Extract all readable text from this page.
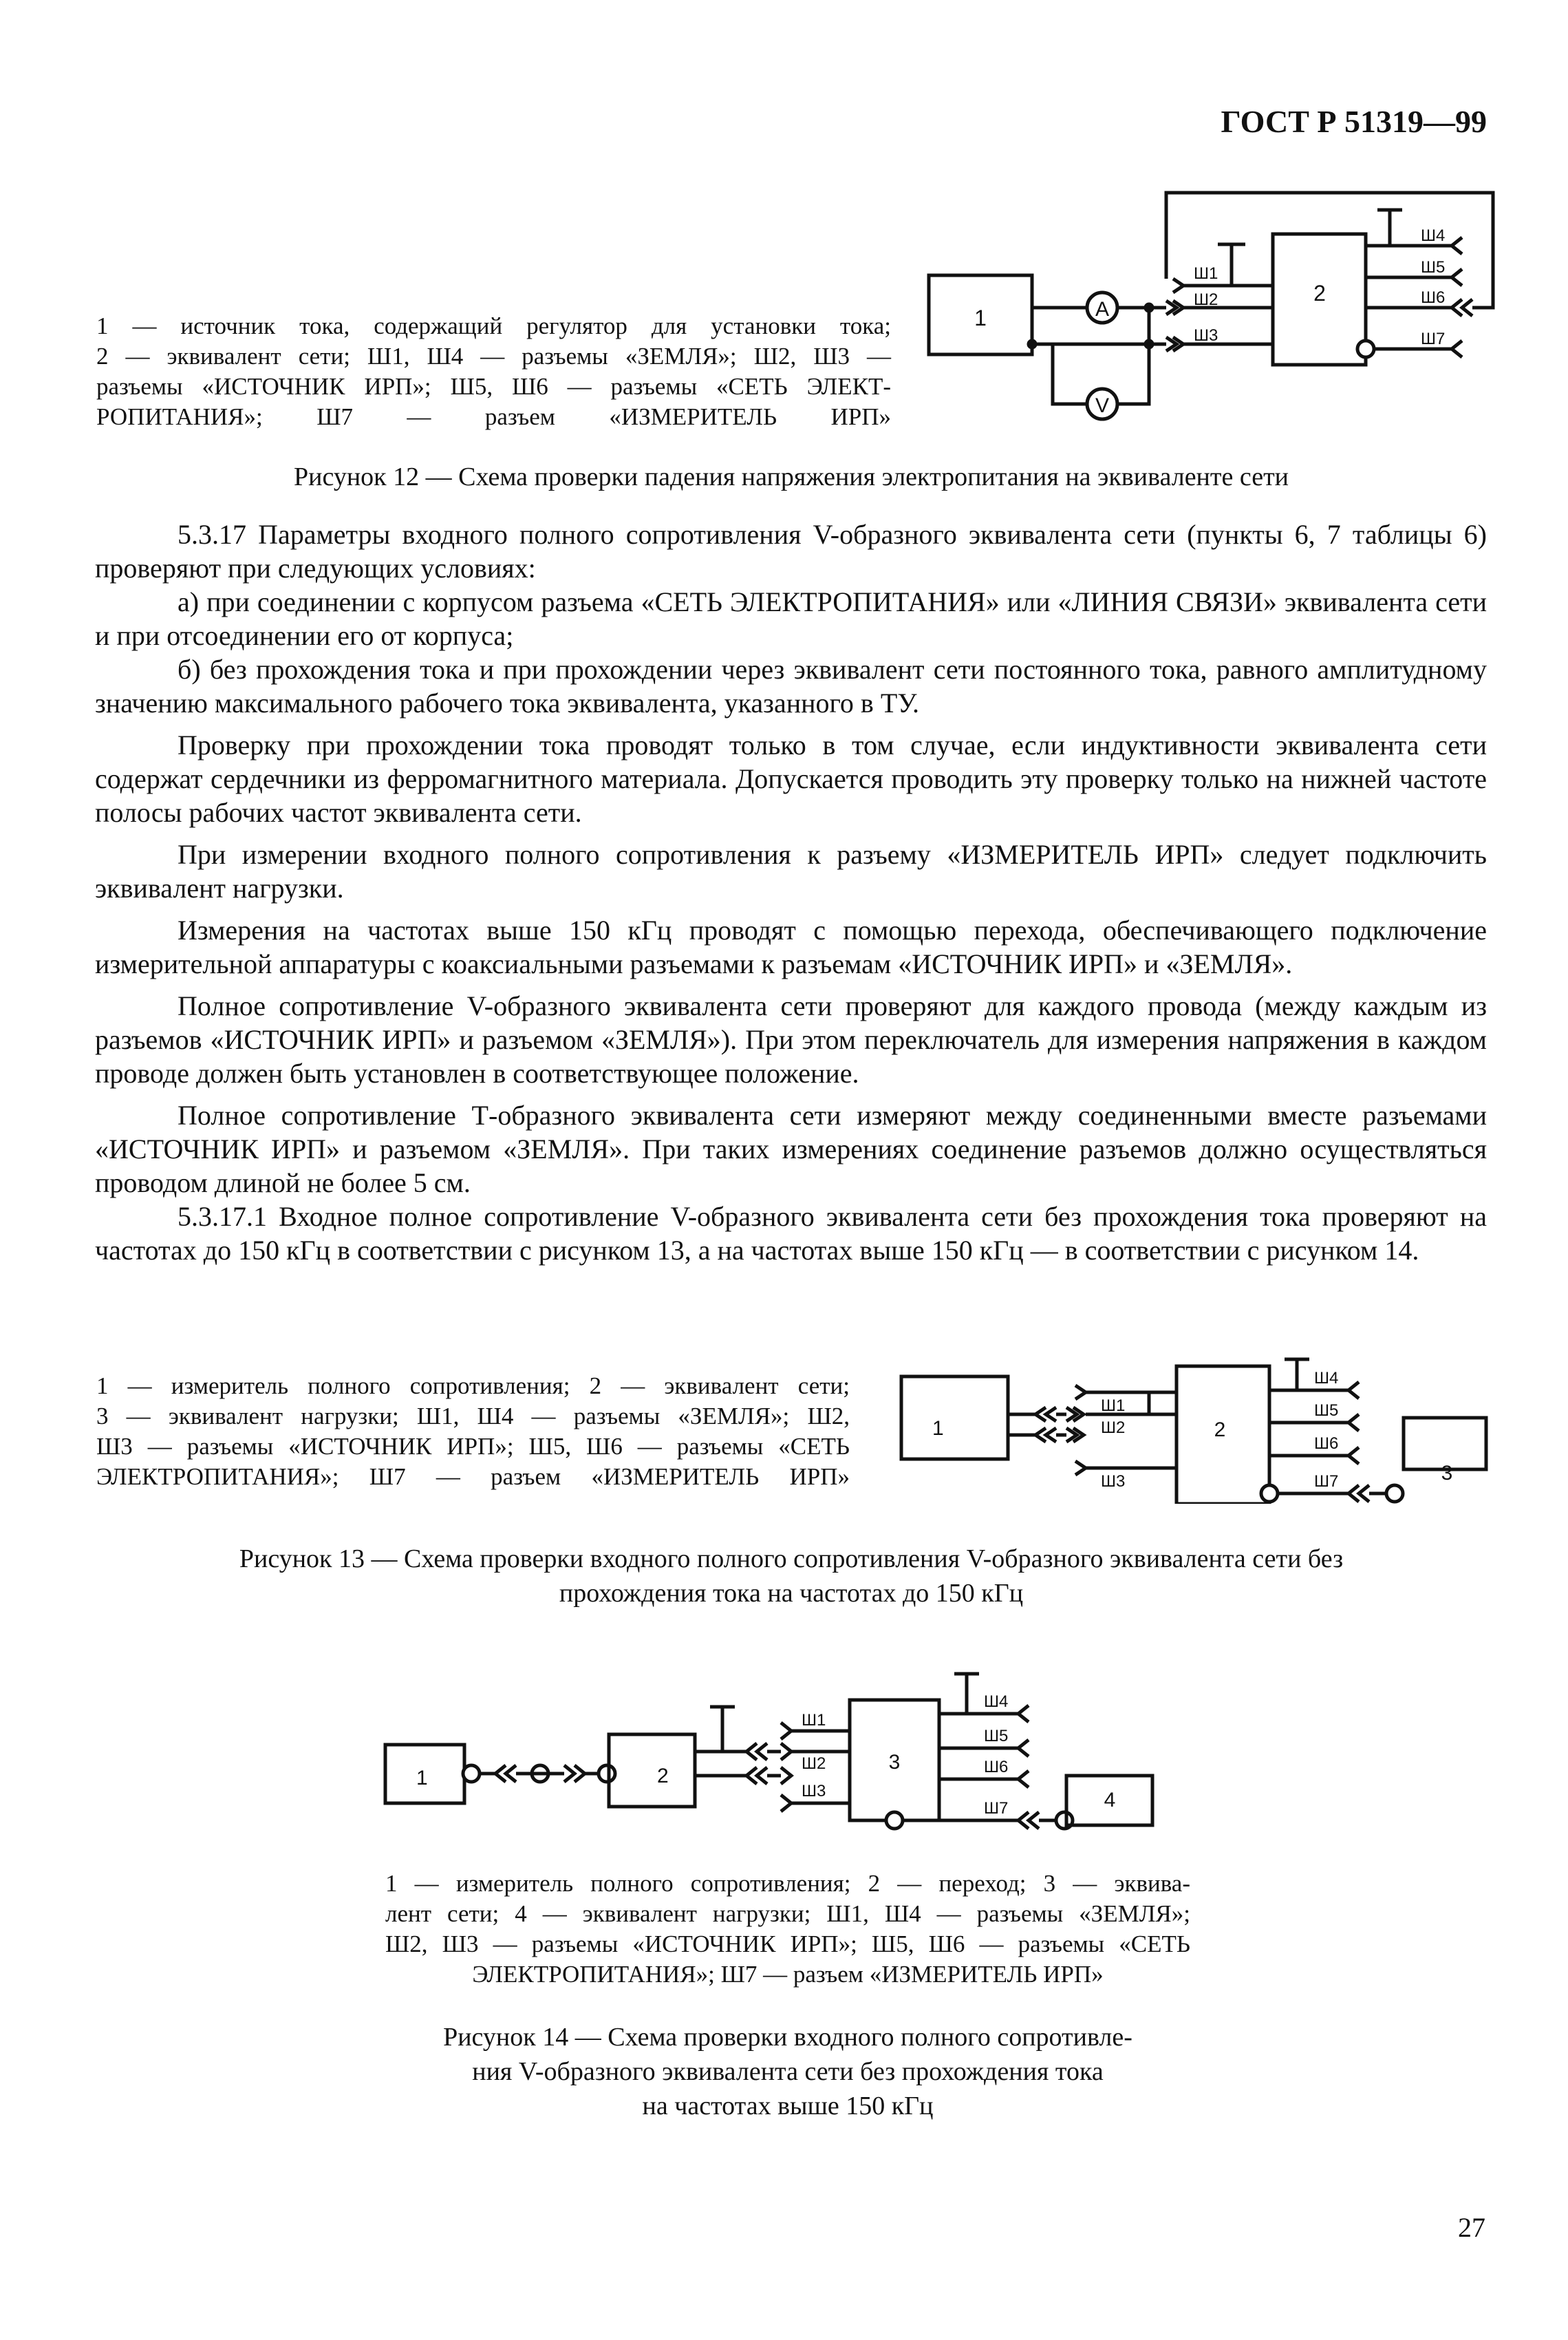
ГОСТ Р 51319—99
1 — источник тока, содержащий регулятор для установки тока;
2 — эквивалент сети; Ш1, Ш4 — разъемы «ЗЕМЛЯ»; Ш2, Ш3 —
разъемы «ИСТОЧНИК ИРП»; Ш5, Ш6 — разъемы «СЕТЬ ЭЛЕКТ-
РОПИТАНИЯ»; Ш7 — разъем «ИЗМЕРИТЕЛЬ ИРП»
1	A
V
Ш1
Ш2
Ш3
2
Ш4
Ш5
Ш6
Ш7
Рисунок 12 — Схема проверки падения напряжения электропитания на эквиваленте сети

5.3.17 Параметры входного полного сопротивления V-образного эквивалента сети (пункты 6, 7 таблицы 6) проверяют при следующих условиях:

а) при соединении с корпусом разъема «СЕТЬ ЭЛЕКТРОПИТАНИЯ» или «ЛИНИЯ СВЯЗИ» эквивалента сети и при отсоединении его от корпуса;

б) без прохождения тока и при прохождении через эквивалент сети постоянного тока, равного амплитудному значению максимального рабочего тока эквивалента, указанного в ТУ.

Проверку при прохождении тока проводят только в том случае, если индуктивности эквивалента сети содержат сердечники из ферромагнитного материала. Допускается проводить эту проверку только на нижней частоте полосы рабочих частот эквивалента сети.

При измерении входного полного сопротивления к разъему «ИЗМЕРИТЕЛЬ ИРП» следует подключить эквивалент нагрузки.

Измерения на частотах выше 150 кГц проводят с помощью перехода, обеспечивающего подключение измерительной аппаратуры с коаксиальными разъемами к разъемам «ИСТОЧНИК ИРП» и «ЗЕМЛЯ».

Полное сопротивление V-образного эквивалента сети проверяют для каждого провода (между каждым из разъемов «ИСТОЧНИК ИРП» и разъемом «ЗЕМЛЯ»). При этом переключатель для измерения напряжения в каждом проводе должен быть установлен в соответствующее положение.

Полное сопротивление Т-образного эквивалента сети измеряют между соединенными вместе разъемами «ИСТОЧНИК ИРП» и разъемом «ЗЕМЛЯ». При таких измерениях соединение разъемов должно осуществляться проводом длиной не более 5 см.

5.3.17.1 Входное полное сопротивление V-образного эквивалента сети без прохождения тока проверяют на частотах до 150 кГц в соответствии с рисунком 13, а на частотах выше 150 кГц — в соответствии с рисунком 14.

1 — измеритель полного сопротивления; 2 — эквивалент сети;
3 — эквивалент нагрузки; Ш1, Ш4 — разъемы «ЗЕМЛЯ»; Ш2,
Ш3 — разъемы «ИСТОЧНИК ИРП»; Ш5, Ш6 — разъемы «СЕТЬ
ЭЛЕКТРОПИТАНИЯ»; Ш7 — разъем «ИЗМЕРИТЕЛЬ ИРП»
1
Ш1
Ш2
Ш3
2
Ш4
Ш5
Ш6
Ш7	3
Рисунок 13 — Схема проверки входного полного сопротивления V-образного эквивалента сети без
прохождения тока на частотах до 150 кГц
1	2
Ш1
Ш2
Ш3
3
Ш4
Ш5
Ш6
Ш7	4
1 — измеритель полного сопротивления; 2 — переход; 3 — эквива-
лент сети; 4 — эквивалент нагрузки; Ш1, Ш4 — разъемы «ЗЕМЛЯ»;
Ш2, Ш3 — разъемы «ИСТОЧНИК ИРП»; Ш5, Ш6 — разъемы «СЕТЬ
ЭЛЕКТРОПИТАНИЯ»; Ш7 — разъем «ИЗМЕРИТЕЛЬ ИРП»
Рисунок 14 — Схема проверки входного полного сопротивле-
ния V-образного эквивалента сети без прохождения тока
на частотах выше 150 кГц
27
